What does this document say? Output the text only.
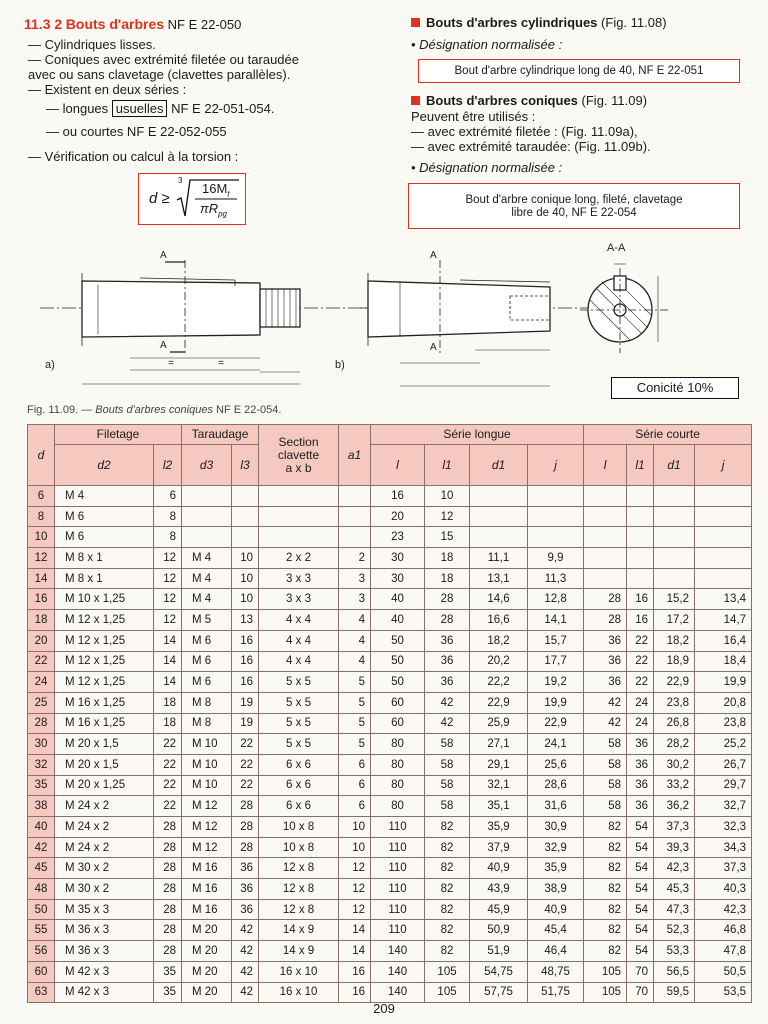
11.3 2 Bouts d'arbres NF E 22-050
— Cylindriques lisses.
— Coniques avec extrémité filetée ou taraudée
avec ou sans clavetage (clavettes parallèles).
— Existent en deux séries :
— longues usuelles NF E 22-051-054.
— ou courtes NF E 22-052-055
— Vérification ou calcul à la torsion :
d ≥
3
$16M_t$
$\pi R_{pg}$
Bouts d'arbres cylindriques (Fig. 11.08)
• Désignation normalisée :
Bout d'arbre cylindrique long de 40, NF E 22-051
Bouts d'arbres coniques (Fig. 11.09)
Peuvent être utilisés :
— avec extrémité filetée : (Fig. 11.09a),
— avec extrémité taraudée: (Fig. 11.09b).
• Désignation normalisée :
Bout d'arbre conique long, fileté, clavetage
libre de 40, NF E 22-054
A
A
A
A
a)	b)
A-A
=	=
Conicité 10%
Fig. 11.09. — Bouts d'arbres coniques NF E 22-054.
d	Filetage		Taraudage		Section
clavette
a x b	a1	Série longue				Série courte			
	d2	l2	d3	l3			l	l1	d1	j	l	l1	d1	j
6	M 4	6					16	10						
8	M 6	8					20	12						
10	M 6	8					23	15						
12	M 8 x 1	12	M 4	10	2 x 2	2	30	18	11,1	9,9				
14	M 8 x 1	12	M 4	10	3 x 3	3	30	18	13,1	11,3				
16	M 10 x 1,25	12	M 4	10	3 x 3	3	40	28	14,6	12,8	28	16	15,2	13,4
18	M 12 x 1,25	12	M 5	13	4 x 4	4	40	28	16,6	14,1	28	16	17,2	14,7
20	M 12 x 1,25	14	M 6	16	4 x 4	4	50	36	18,2	15,7	36	22	18,2	16,4
22	M 12 x 1,25	14	M 6	16	4 x 4	4	50	36	20,2	17,7	36	22	18,9	18,4
24	M 12 x 1,25	14	M 6	16	5 x 5	5	50	36	22,2	19,2	36	22	22,9	19,9
25	M 16 x 1,25	18	M 8	19	5 x 5	5	60	42	22,9	19,9	42	24	23,8	20,8
28	M 16 x 1,25	18	M 8	19	5 x 5	5	60	42	25,9	22,9	42	24	26,8	23,8
30	M 20 x 1,5	22	M 10	22	5 x 5	5	80	58	27,1	24,1	58	36	28,2	25,2
32	M 20 x 1,5	22	M 10	22	6 x 6	6	80	58	29,1	25,6	58	36	30,2	26,7
35	M 20 x 1,25	22	M 10	22	6 x 6	6	80	58	32,1	28,6	58	36	33,2	29,7
38	M 24 x 2	22	M 12	28	6 x 6	6	80	58	35,1	31,6	58	36	36,2	32,7
40	M 24 x 2	28	M 12	28	10 x 8	10	110	82	35,9	30,9	82	54	37,3	32,3
42	M 24 x 2	28	M 12	28	10 x 8	10	110	82	37,9	32,9	82	54	39,3	34,3
45	M 30 x 2	28	M 16	36	12 x 8	12	110	82	40,9	35,9	82	54	42,3	37,3
48	M 30 x 2	28	M 16	36	12 x 8	12	110	82	43,9	38,9	82	54	45,3	40,3
50	M 35 x 3	28	M 16	36	12 x 8	12	110	82	45,9	40,9	82	54	47,3	42,3
55	M 36 x 3	28	M 20	42	14 x 9	14	110	82	50,9	45,4	82	54	52,3	46,8
56	M 36 x 3	28	M 20	42	14 x 9	14	140	82	51,9	46,4	82	54	53,3	47,8
60	M 42 x 3	35	M 20	42	16 x 10	16	140	105	54,75	48,75	105	70	56,5	50,5
63	M 42 x 3	35	M 20	42	16 x 10	16	140	105	57,75	51,75	105	70	59,5	53,5
209
